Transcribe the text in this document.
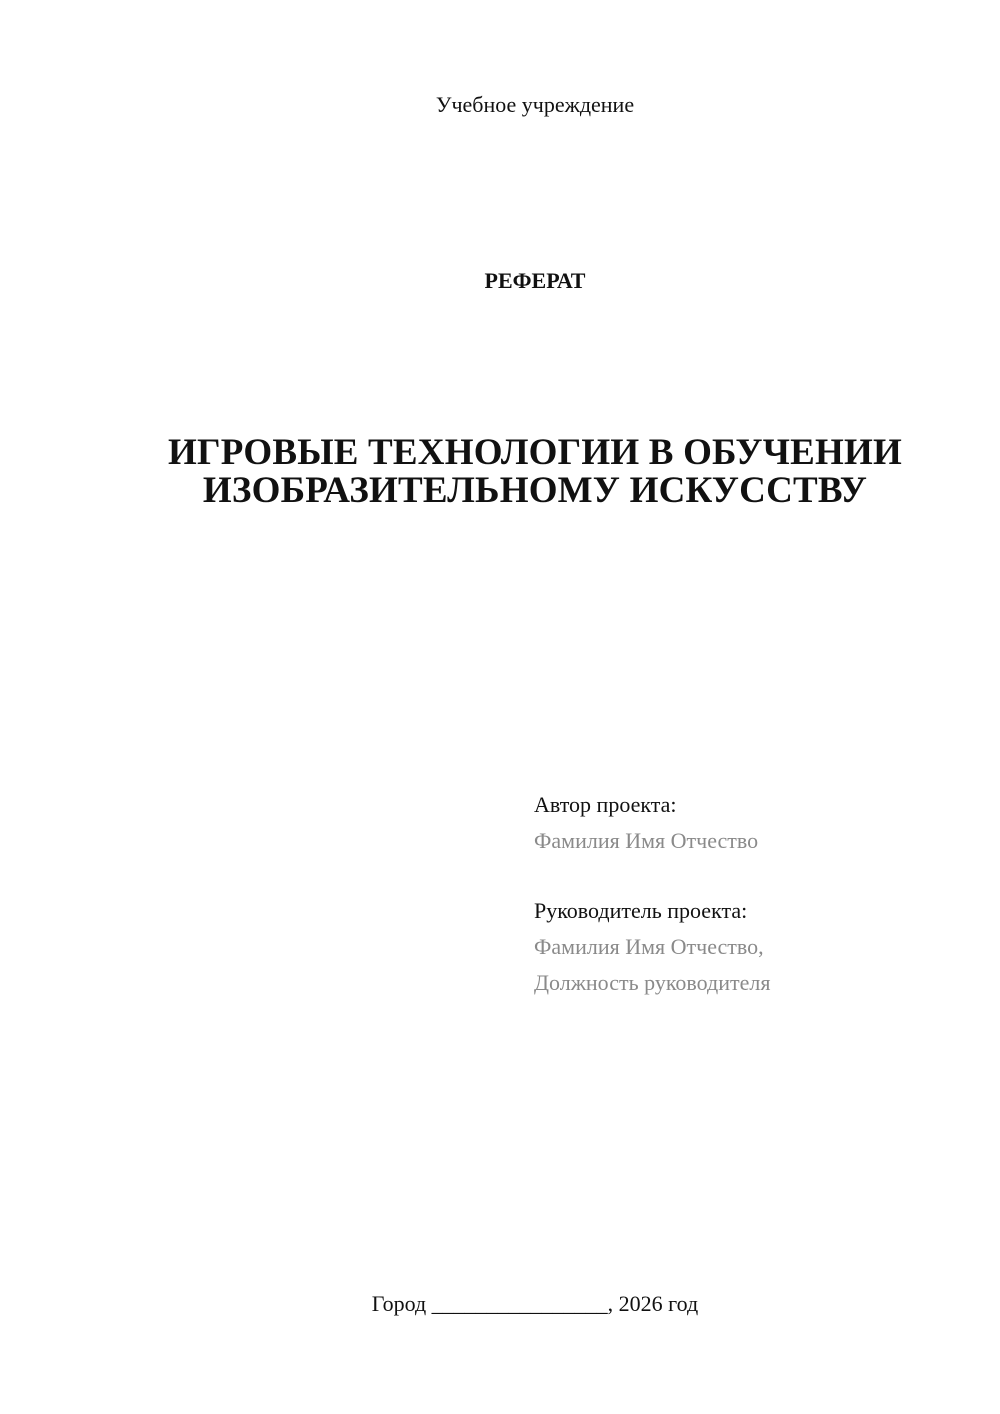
Учебное учреждение
РЕФЕРАТ
ИГРОВЫЕ ТЕХНОЛОГИИ В ОБУЧЕНИИ
ИЗОБРАЗИТЕЛЬНОМУ ИСКУССТВУ
Автор проекта:
Фамилия Имя Отчество
Руководитель проекта:
Фамилия Имя Отчество,
Должность руководителя
Город ________________, 2026 год
